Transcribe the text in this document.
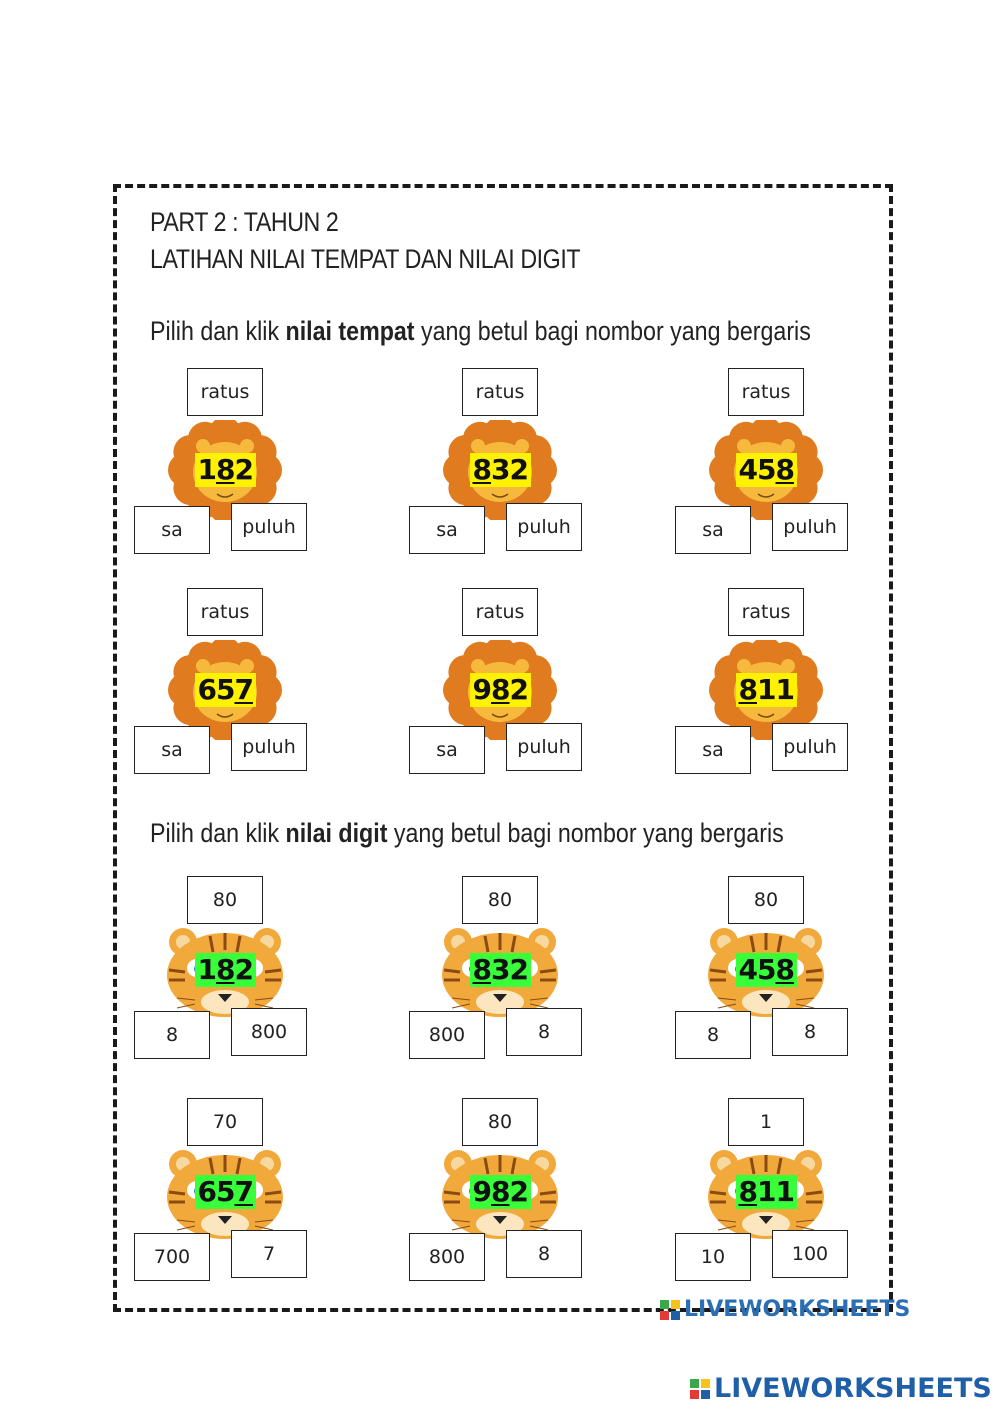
PART 2 : TAHUN 2
LATIHAN NILAI TEMPAT DAN NILAI DIGIT
Pilih dan klik nilai tempat yang betul bagi nombor yang bergaris
Pilih dan klik nilai digit yang betul bagi nombor yang bergaris
182
ratus
sa	puluh
832
ratus
sa	puluh
458
ratus
sa	puluh
657
ratus
sa	puluh
982
ratus
sa	puluh
811
ratus
sa	puluh
182
80
8	800
832
80
800	8
458
80
8	8
657
70
700	7
982
80
800	8
811
1
10	100
LIVEWORKSHEETS
LIVEWORKSHEETS
